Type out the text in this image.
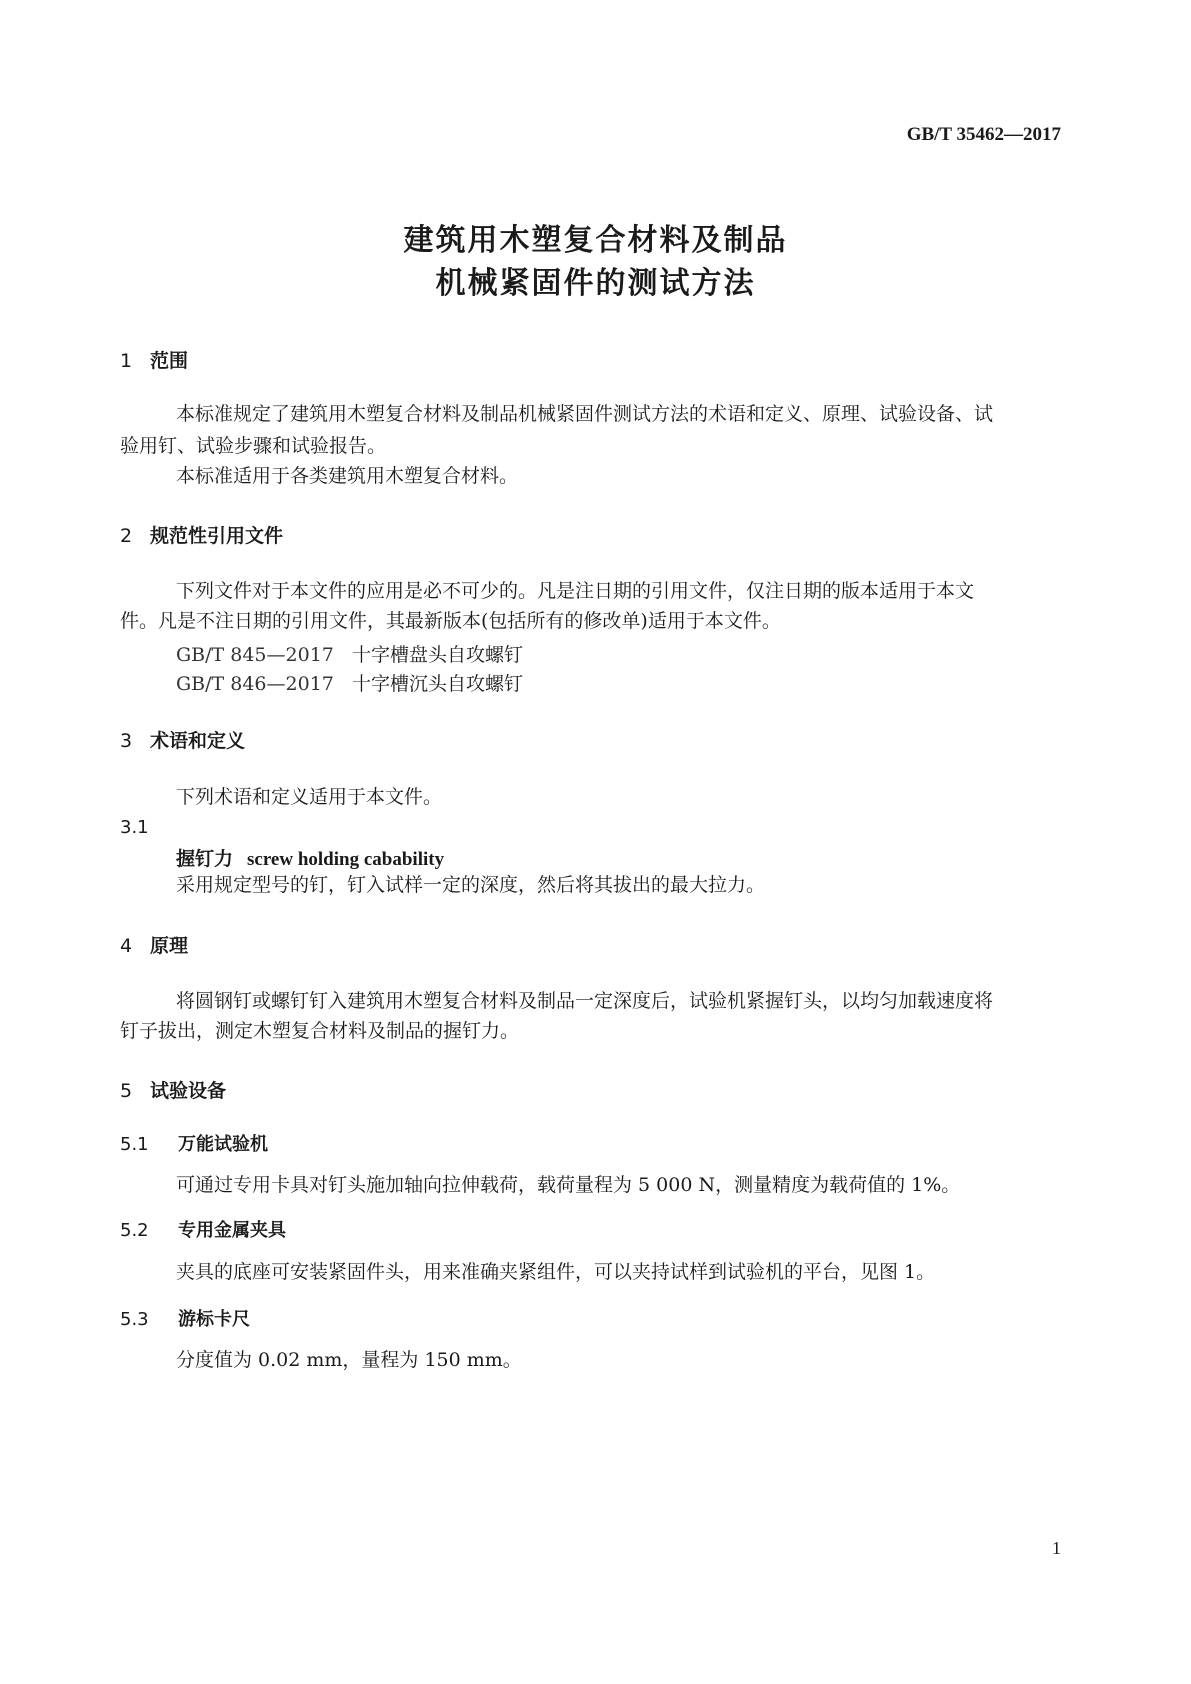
GB/T 35462—2017
建筑用木塑复合材料及制品
机械紧固件的测试方法
1 范围
本标准规定了建筑用木塑复合材料及制品机械紧固件测试方法的术语和定义、原理、试验设备、试
验用钉、试验步骤和试验报告。
本标准适用于各类建筑用木塑复合材料。
2 规范性引用文件
下列文件对于本文件的应用是必不可少的。凡是注日期的引用文件，仅注日期的版本适用于本文
件。凡是不注日期的引用文件，其最新版本(包括所有的修改单)适用于本文件。
GB/T 845—2017 十字槽盘头自攻螺钉
GB/T 846—2017 十字槽沉头自攻螺钉
3 术语和定义
下列术语和定义适用于本文件。
3.1
握钉力 screw holding cabability
采用规定型号的钉，钉入试样一定的深度，然后将其拔出的最大拉力。
4 原理
将圆钢钉或螺钉钉入建筑用木塑复合材料及制品一定深度后，试验机紧握钉头，以均匀加载速度将
钉子拔出，测定木塑复合材料及制品的握钉力。
5 试验设备
5.1 万能试验机
可通过专用卡具对钉头施加轴向拉伸载荷，载荷量程为 5 000 N，测量精度为载荷值的 1%。
5.2 专用金属夹具
夹具的底座可安装紧固件头，用来准确夹紧组件，可以夹持试样到试验机的平台，见图 1。
5.3 游标卡尺
分度值为 0.02 mm，量程为 150 mm。
1
